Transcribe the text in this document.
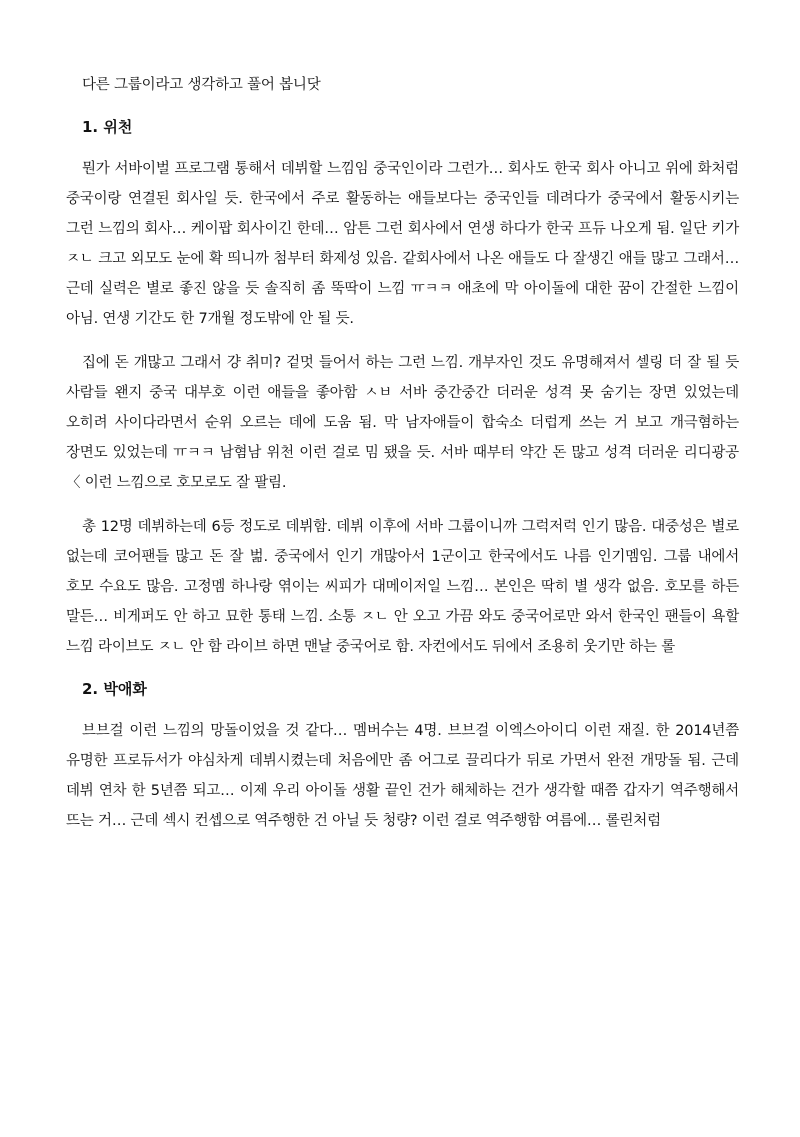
다른 그룹이라고 생각하고 풀어 봅니닷

1. 위천

뭔가 서바이벌 프로그램 통해서 데뷔할 느낌임 중국인이라 그런가… 회사도 한국 회사 아니고 위에 화처럼 중국이랑 연결된 회사일 듯. 한국에서 주로 활동하는 애들보다는 중국인들 데려다가 중국에서 활동시키는 그런 느낌의 회사… 케이팝 회사이긴 한데… 암튼 그런 회사에서 연생 하다가 한국 프듀 나오게 됨. 일단 키가 ㅈㄴ 크고 외모도 눈에 확 띄니까 첨부터 화제성 있음. 같회사에서 나온 애들도 다 잘생긴 애들 많고 그래서… 근데 실력은 별로 좋진 않을 듯 솔직히 좀 뚝딱이 느낌 ㅠㅋㅋ 애초에 막 아이돌에 대한 꿈이 간절한 느낌이 아님. 연생 기간도 한 7개월 정도밖에 안 될 듯.

집에 돈 개많고 그래서 걍 취미? 겉멋 들어서 하는 그런 느낌. 개부자인 것도 유명해져서 셀링 더 잘 될 듯 사람들 왠지 중국 대부호 이런 애들을 좋아함 ㅅㅂ 서바 중간중간 더러운 성격 못 숨기는 장면 있었는데 오히려 사이다라면서 순위 오르는 데에 도움 됨. 막 남자애들이 합숙소 더럽게 쓰는 거 보고 개극혐하는 장면도 있었는데 ㅠㅋㅋ 남혐남 위천 이런 걸로 밈 됐을 듯. 서바 때부터 약간 돈 많고 성격 더러운 리디광공 〈 이런 느낌으로 호모로도 잘 팔림.

총 12명 데뷔하는데 6등 정도로 데뷔함. 데뷔 이후에 서바 그룹이니까 그럭저럭 인기 많음. 대중성은 별로 없는데 코어팬들 많고 돈 잘 벎. 중국에서 인기 개많아서 1군이고 한국에서도 나름 인기멤임. 그룹 내에서 호모 수요도 많음. 고정멤 하나랑 엮이는 씨피가 대메이저일 느낌… 본인은 딱히 별 생각 없음. 호모를 하든 말든… 비게퍼도 안 하고 묘한 통태 느낌. 소통 ㅈㄴ 안 오고 가끔 와도 중국어로만 와서 한국인 팬들이 욕할 느낌 라이브도 ㅈㄴ 안 함 라이브 하면 맨날 중국어로 함. 자컨에서도 뒤에서 조용히 웃기만 하는 롤

2. 박애화

브브걸 이런 느낌의 망돌이었을 것 같다… 멤버수는 4명. 브브걸 이엑스아이디 이런 재질. 한 2014년쯤 유명한 프로듀서가 야심차게 데뷔시켰는데 처음에만 좀 어그로 끌리다가 뒤로 가면서 완전 개망돌 됨. 근데 데뷔 연차 한 5년쯤 되고… 이제 우리 아이돌 생활 끝인 건가 해체하는 건가 생각할 때쯤 갑자기 역주행해서 뜨는 거… 근데 섹시 컨셉으로 역주행한 건 아닐 듯 청량? 이런 걸로 역주행함 여름에… 롤린처럼
